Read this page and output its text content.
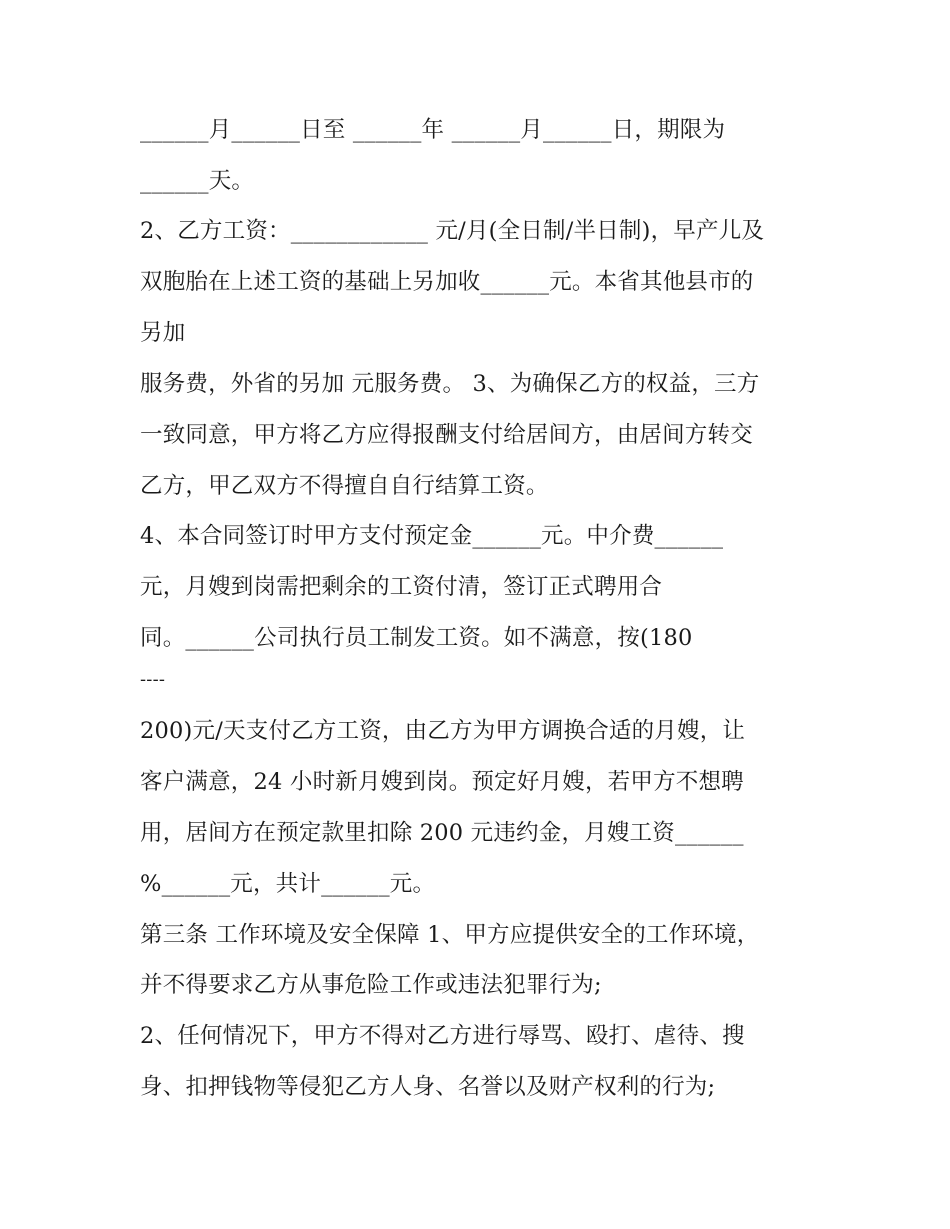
______月______日至 ______年 ______月______日，期限为
______天。
2、乙方工资：____________ 元/月(全日制/半日制)，早产儿及
双胞胎在上述工资的基础上另加收______元。本省其他县市的
另加
服务费，外省的另加 元服务费。 3、为确保乙方的权益，三方
一致同意，甲方将乙方应得报酬支付给居间方，由居间方转交
乙方，甲乙双方不得擅自自行结算工资。
4、本合同签订时甲方支付预定金______元。中介费______
元，月嫂到岗需把剩余的工资付清，签订正式聘用合
同。______公司执行员工制发工资。如不满意，按(180
----
200)元/天支付乙方工资，由乙方为甲方调换合适的月嫂，让
客户满意，24 小时新月嫂到岗。预定好月嫂，若甲方不想聘
用，居间方在预定款里扣除 200 元违约金，月嫂工资______
%______元，共计______元。
第三条 工作环境及安全保障 1、甲方应提供安全的工作环境，
并不得要求乙方从事危险工作或违法犯罪行为;
2、任何情况下，甲方不得对乙方进行辱骂、殴打、虐待、搜
身、扣押钱物等侵犯乙方人身、名誉以及财产权利的行为;
